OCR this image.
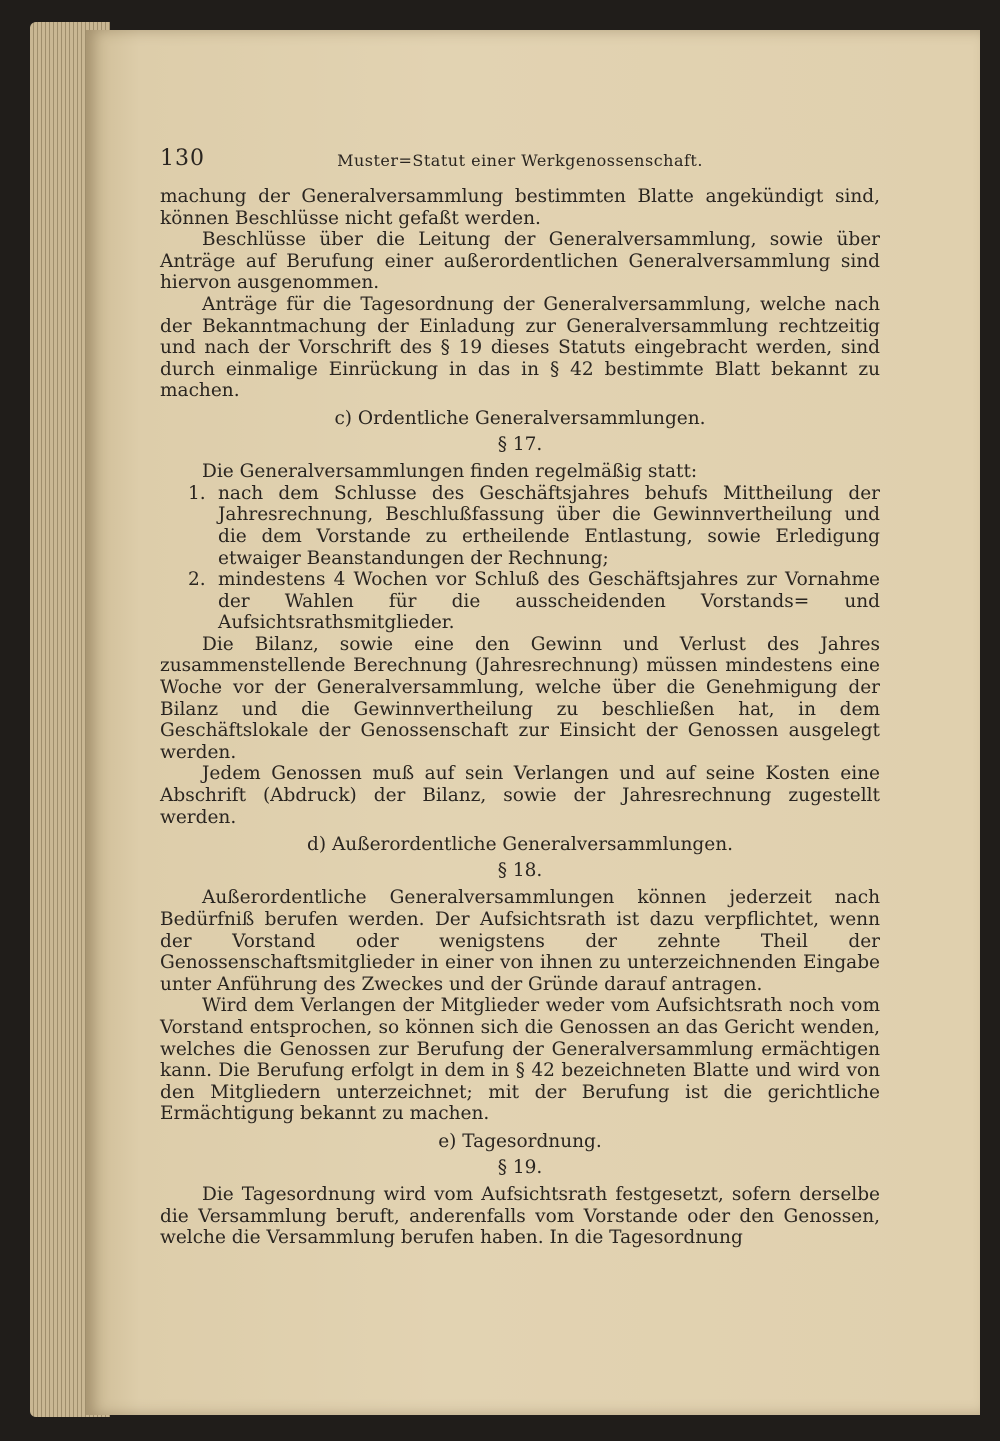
130	Muster=Statut einer Werkgenossenschaft.

machung der Generalversammlung bestimmten Blatte angekündigt sind, können Beschlüsse nicht gefaßt werden.

Beschlüsse über die Leitung der Generalversammlung, sowie über Anträge auf Berufung einer außerordentlichen Generalversammlung sind hiervon ausgenommen.

Anträge für die Tagesordnung der Generalversammlung, welche nach der Bekanntmachung der Einladung zur Generalversammlung rechtzeitig und nach der Vorschrift des § 19 dieses Statuts eingebracht werden, sind durch einmalige Einrückung in das in § 42 bestimmte Blatt bekannt zu machen.

c) Ordentliche Generalversammlungen.
§ 17.

Die Generalversammlungen finden regelmäßig statt:

1. nach dem Schlusse des Geschäftsjahres behufs Mittheilung der Jahresrechnung, Beschlußfassung über die Gewinnvertheilung und die dem Vorstande zu ertheilende Entlastung, sowie Erledigung etwaiger Beanstandungen der Rechnung;
2. mindestens 4 Wochen vor Schluß des Geschäftsjahres zur Vornahme der Wahlen für die ausscheidenden Vorstands= und Aufsichtsrathsmitglieder.

Die Bilanz, sowie eine den Gewinn und Verlust des Jahres zusammenstellende Berechnung (Jahresrechnung) müssen mindestens eine Woche vor der Generalversammlung, welche über die Genehmigung der Bilanz und die Gewinnvertheilung zu beschließen hat, in dem Geschäftslokale der Genossenschaft zur Einsicht der Genossen ausgelegt werden.

Jedem Genossen muß auf sein Verlangen und auf seine Kosten eine Abschrift (Abdruck) der Bilanz, sowie der Jahresrechnung zugestellt werden.

d) Außerordentliche Generalversammlungen.
§ 18.

Außerordentliche Generalversammlungen können jederzeit nach Bedürfniß berufen werden. Der Aufsichtsrath ist dazu verpflichtet, wenn der Vorstand oder wenigstens der zehnte Theil der Genossenschaftsmitglieder in einer von ihnen zu unterzeichnenden Eingabe unter Anführung des Zweckes und der Gründe darauf antragen.

Wird dem Verlangen der Mitglieder weder vom Aufsichtsrath noch vom Vorstand entsprochen, so können sich die Genossen an das Gericht wenden, welches die Genossen zur Berufung der Generalversammlung ermächtigen kann. Die Berufung erfolgt in dem in § 42 bezeichneten Blatte und wird von den Mitgliedern unterzeichnet; mit der Berufung ist die gerichtliche Ermächtigung bekannt zu machen.

e) Tagesordnung.
§ 19.

Die Tagesordnung wird vom Aufsichtsrath festgesetzt, sofern derselbe die Versammlung beruft, anderenfalls vom Vorstande oder den Genossen, welche die Versammlung berufen haben. In die Tagesordnung
